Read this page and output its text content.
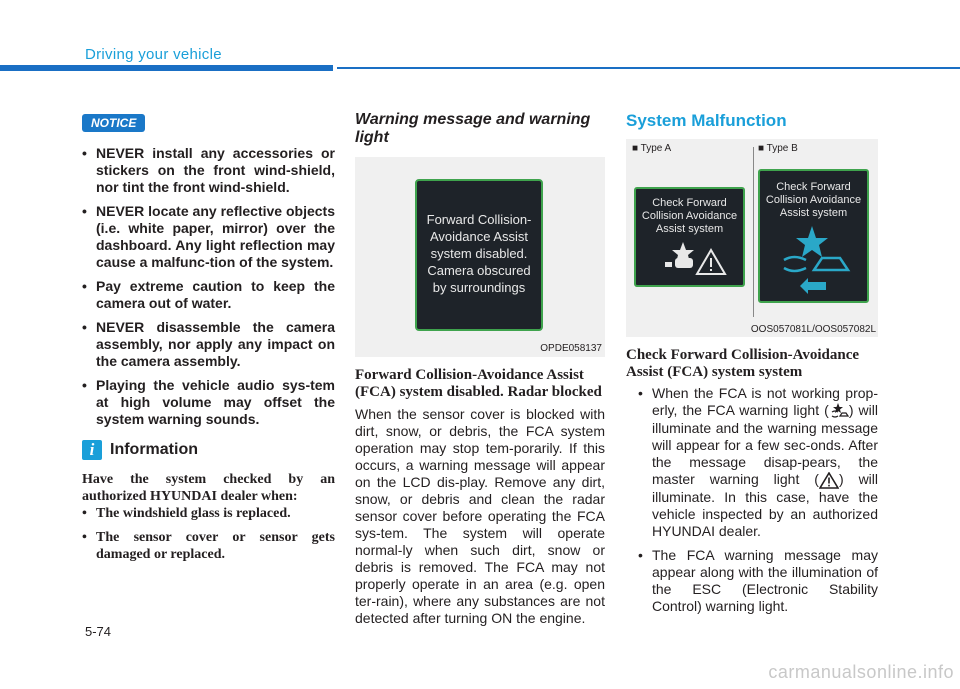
Driving your vehicle
NOTICE
• NEVER install any accessories or stickers on the front wind-shield, nor tint the front wind-shield.
• NEVER locate any reflective objects (i.e. white paper, mirror) over the dashboard. Any light reflection may cause a malfunc-tion of the system.
• Pay extreme caution to keep the camera out of water.
• NEVER disassemble the camera assembly, nor apply any impact on the camera assembly.
• Playing the vehicle audio sys-tem at high volume may offset the system warning sounds.
i Information
Have the system checked by an authorized HYUNDAI dealer when:
• The windshield glass is replaced.
• The sensor cover or sensor gets damaged or replaced.
Warning message and warning light
Forward Collision-
Avoidance Assist
system disabled.
Camera obscured
by surroundings
OPDE058137
Forward Collision-Avoidance Assist (FCA) system disabled. Radar blocked
When the sensor cover is blocked with dirt, snow, or debris, the FCA system operation may stop tem-porarily. If this occurs, a warning message will appear on the LCD dis-play. Remove any dirt, snow, or debris and clean the radar sensor cover before operating the FCA sys-tem. The system will operate normal-ly when such dirt, snow or debris is removed. The FCA may not properly operate in an area (e.g. open ter-rain), where any substances are not detected after turning ON the engine.
System Malfunction
■ Type A	■ Type B
Check Forward
Collision Avoidance
Assist system
Check Forward
Collision Avoidance
Assist system
OOS057081L/OOS057082L
Check Forward Collision-Avoidance Assist (FCA) system system
• When the FCA is not working prop-erly, the FCA warning light ( ) will illuminate and the warning message will appear for a few sec-onds. After the message disap-pears, the master warning light ( ) will illuminate. In this case, have the vehicle inspected by an authorized HYUNDAI dealer.
• The FCA warning message may appear along with the illumination of the ESC (Electronic Stability Control) warning light.
5-74
carmanualsonline.info
